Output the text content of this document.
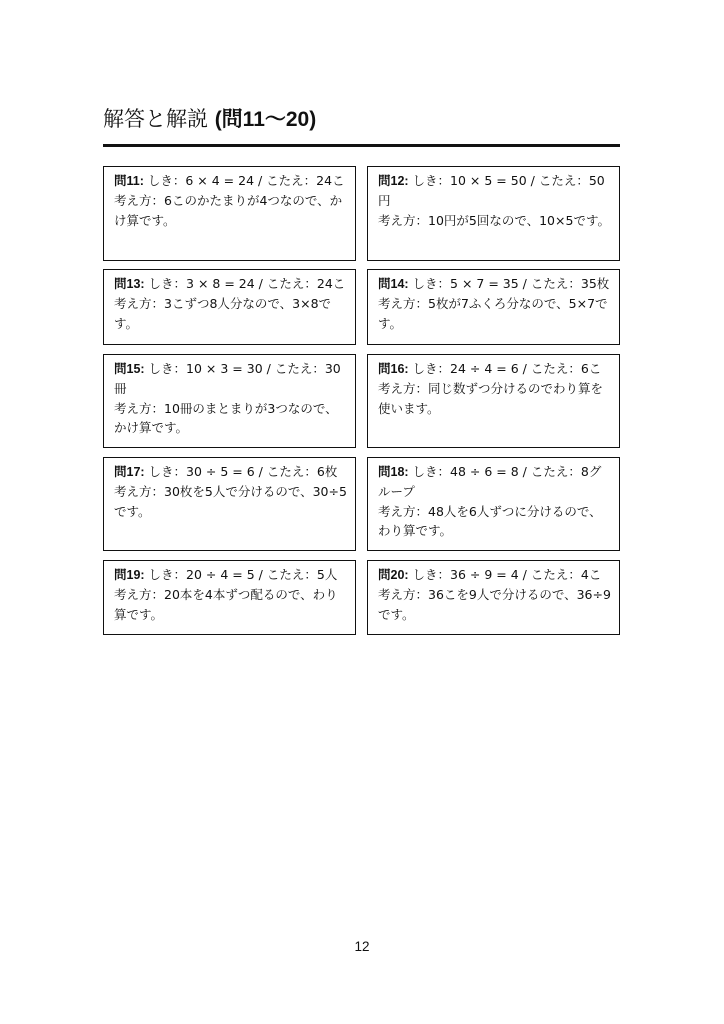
解答と解説 (問11〜20)
問11: しき：6 × 4 = 24 / こたえ：24こ
考え方：6このかたまりが4つなので、かけ算です。
問12: しき：10 × 5 = 50 / こたえ：50円
考え方：10円が5回なので、10×5です。
問13: しき：3 × 8 = 24 / こたえ：24こ
考え方：3こずつ8人分なので、3×8です。
問14: しき：5 × 7 = 35 / こたえ：35枚
考え方：5枚が7ふくろ分なので、5×7です。
問15: しき：10 × 3 = 30 / こたえ：30冊
考え方：10冊のまとまりが3つなので、かけ算です。
問16: しき：24 ÷ 4 = 6 / こたえ：6こ
考え方：同じ数ずつ分けるのでわり算を使います。
問17: しき：30 ÷ 5 = 6 / こたえ：6枚
考え方：30枚を5人で分けるので、30÷5です。
問18: しき：48 ÷ 6 = 8 / こたえ：8グループ
考え方：48人を6人ずつに分けるので、わり算です。
問19: しき：20 ÷ 4 = 5 / こたえ：5人
考え方：20本を4本ずつ配るので、わり算です。
問20: しき：36 ÷ 9 = 4 / こたえ：4こ
考え方：36こを9人で分けるので、36÷9です。
12
